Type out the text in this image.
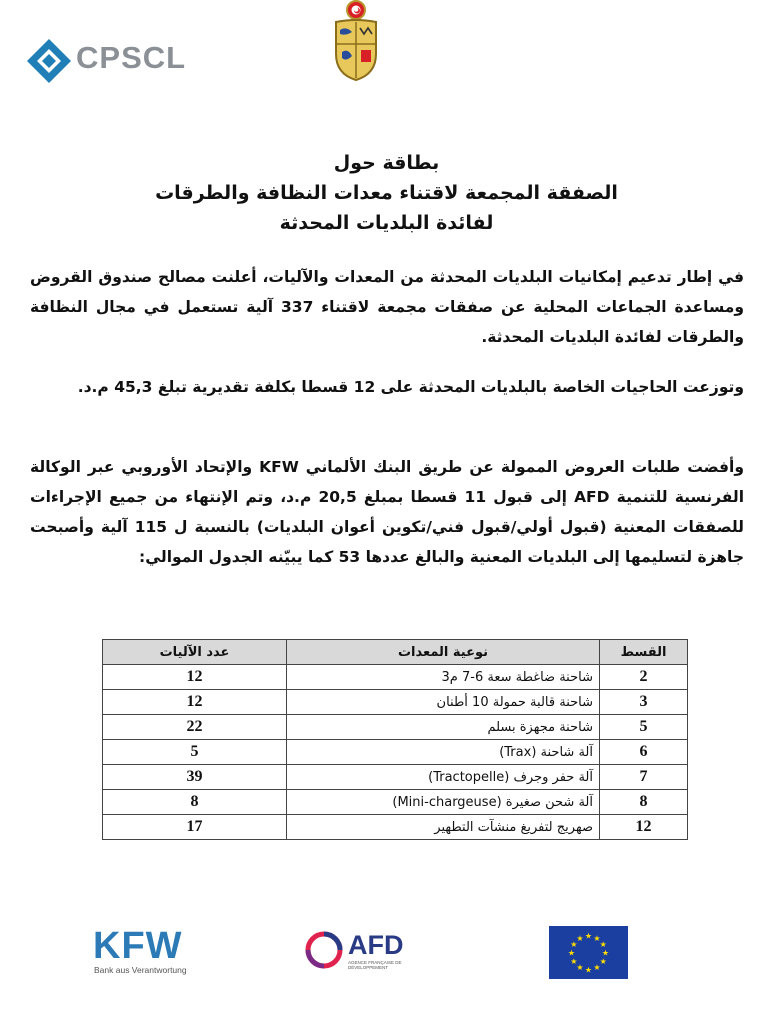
CPSCL
بطاقة حول
الصفقة المجمعة لاقتناء معدات النظافة والطرقات
لفائدة البلديات المحدثة
في إطار تدعيم إمكانيات البلديات المحدثة من المعدات والآليات، أعلنت مصالح صندوق القروض ومساعدة الجماعات المحلية عن صفقات مجمعة لاقتناء 337 آلية تستعمل في مجال النظافة والطرقات لفائدة البلديات المحدثة.
وتوزعت الحاجيات الخاصة بالبلديات المحدثة على 12 قسطا بكلفة تقديرية تبلغ 45,3 م.د.
وأفضت طلبات العروض الممولة عن طريق البنك الألماني KFW والإتحاد الأوروبي عبر الوكالة الفرنسية للتنمية AFD إلى قبول 11 قسطا بمبلغ 20,5 م.د، وتم الإنتهاء من جميع الإجراءات للصفقات المعنية (قبول أولي/قبول فني/تكوين أعوان البلديات) بالنسبة ل 115 آلية وأصبحت جاهزة لتسليمها إلى البلديات المعنية والبالغ عددها 53 كما يبيّنه الجدول الموالي:
القسط	نوعية المعدات	عدد الآليات
2	شاحنة ضاغطة سعة 6-7 م3	12
3	شاحنة قالبة حمولة 10 أطنان	12
5	شاحنة مجهزة بسلم	22
6	آلة شاحنة (Trax)	5
7	آلة حفر وجرف (Tractopelle)	39
8	آلة شحن صغيرة (Mini-chargeuse)	8
12	صهريج لتفريغ منشآت التطهير	17
KFW
Bank aus Verantwortung
AFD
AGENCE FRANÇAISE DE DÉVELOPPEMENT
★
★
★
★
★
★
★
★
★ ★ ★
★
